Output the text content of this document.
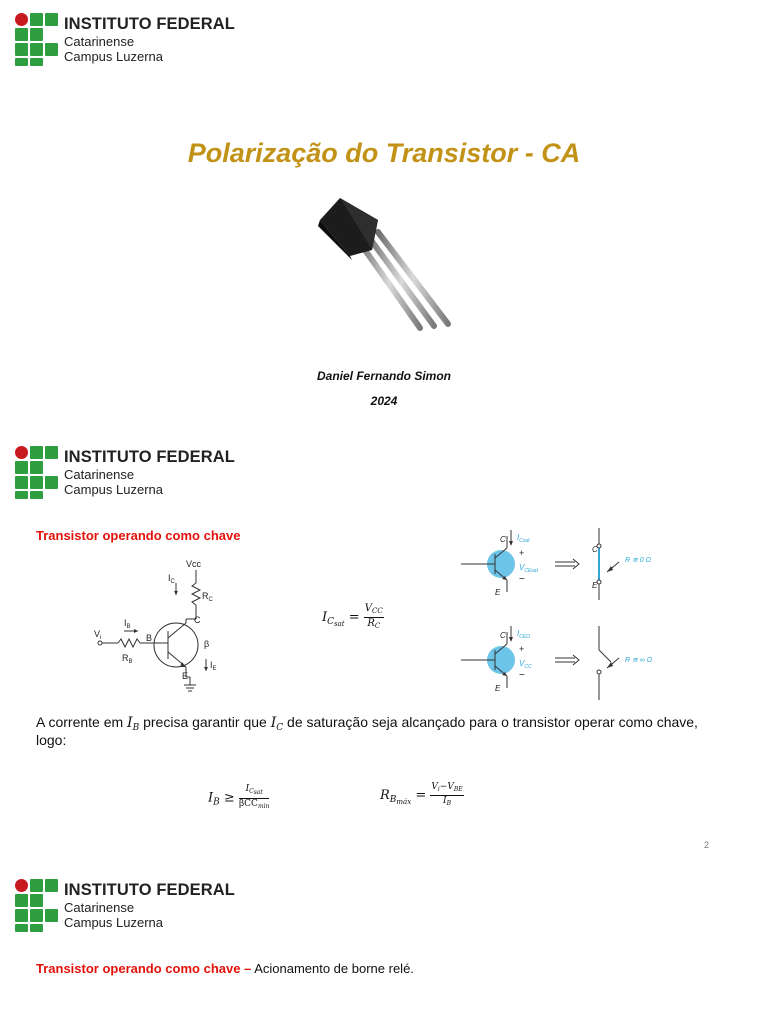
INSTITUTO FEDERAL
Catarinense
Campus Luzerna
Polarização do Transistor - CA
Daniel Fernando Simon
2024
INSTITUTO FEDERAL
Catarinense
Campus Luzerna
Transistor operando como chave
Vcc
$I_C$
$R_C$
C
$V_i$
$I_B$
$R_B$
B
β
$I_E$
E
$I_{Csat}$ =
$V_{CC}$
$R_C$
C
E
$I_{Csat}$
+
$V_{CEsat}$
−
C
E
R ≅ 0 Ω
C
E
$I_{CEO}$
+
$V_{CC}$
−
R ≅ ∞ Ω
A corrente em $I_B$ precisa garantir que $I_C$ de saturação seja alcançado para o transistor operar como chave,
logo:
$I_B$ ≥
$I_{Csat}$
βCC$_{min}$
$R_{Bmáx}$ =
$V_i-V_{BE}$
$I_B$
2
INSTITUTO FEDERAL
Catarinense
Campus Luzerna
Transistor operando como chave – Acionamento de borne relé.
